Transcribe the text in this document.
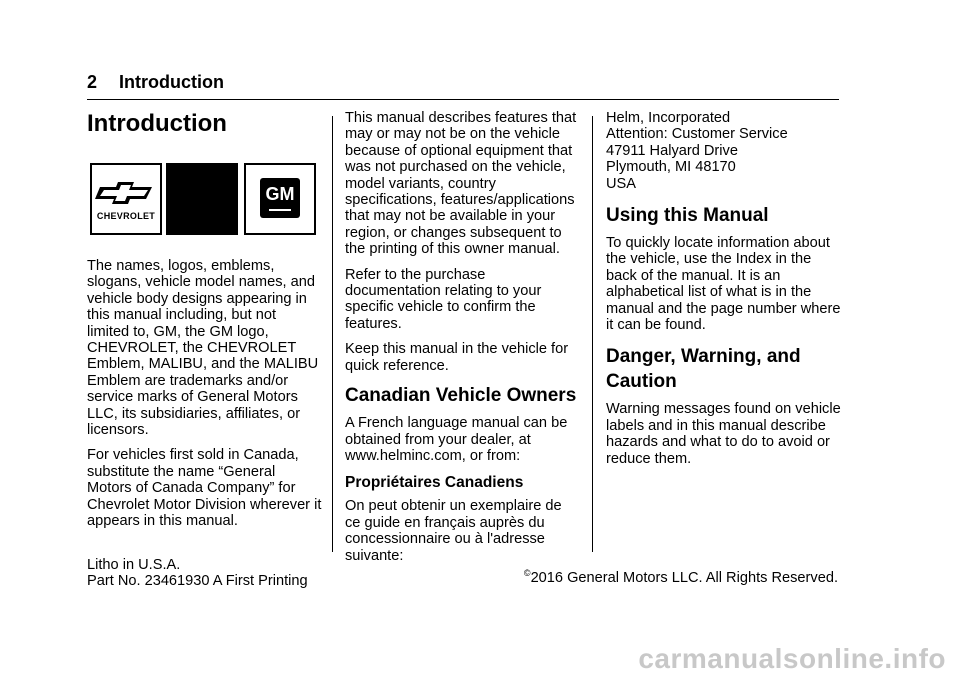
2 Introduction
Introduction
CHEVROLET
GM

The names, logos, emblems, slogans, vehicle model names, and vehicle body designs appearing in this manual including, but not limited to, GM, the GM logo, CHEVROLET, the CHEVROLET Emblem, MALIBU, and the MALIBU Emblem are trademarks and/or service marks of General Motors LLC, its subsidiaries, affiliates, or licensors.

For vehicles first sold in Canada, substitute the name “General Motors of Canada Company” for Chevrolet Motor Division wherever it appears in this manual.

This manual describes features that may or may not be on the vehicle because of optional equipment that was not purchased on the vehicle, model variants, country specifications, features/applications that may not be available in your region, or changes subsequent to the printing of this owner manual.

Refer to the purchase documentation relating to your specific vehicle to confirm the features.

Keep this manual in the vehicle for quick reference.

Canadian Vehicle Owners

A French language manual can be obtained from your dealer, at www.helminc.com, or from:

Propriétaires Canadiens

On peut obtenir un exemplaire de ce guide en français auprès du concessionnaire ou à l'adresse suivante:

Helm, Incorporated
Attention: Customer Service
47911 Halyard Drive
Plymouth, MI 48170
USA
Using this Manual

To quickly locate information about the vehicle, use the Index in the back of the manual. It is an alphabetical list of what is in the manual and the page number where it can be found.

Danger, Warning, and
Caution

Warning messages found on vehicle labels and in this manual describe hazards and what to do to avoid or reduce them.

Litho in U.S.A.
Part No. 23461930 A First Printing
©2016 General Motors LLC. All Rights Reserved.
carmanualsonline.info
